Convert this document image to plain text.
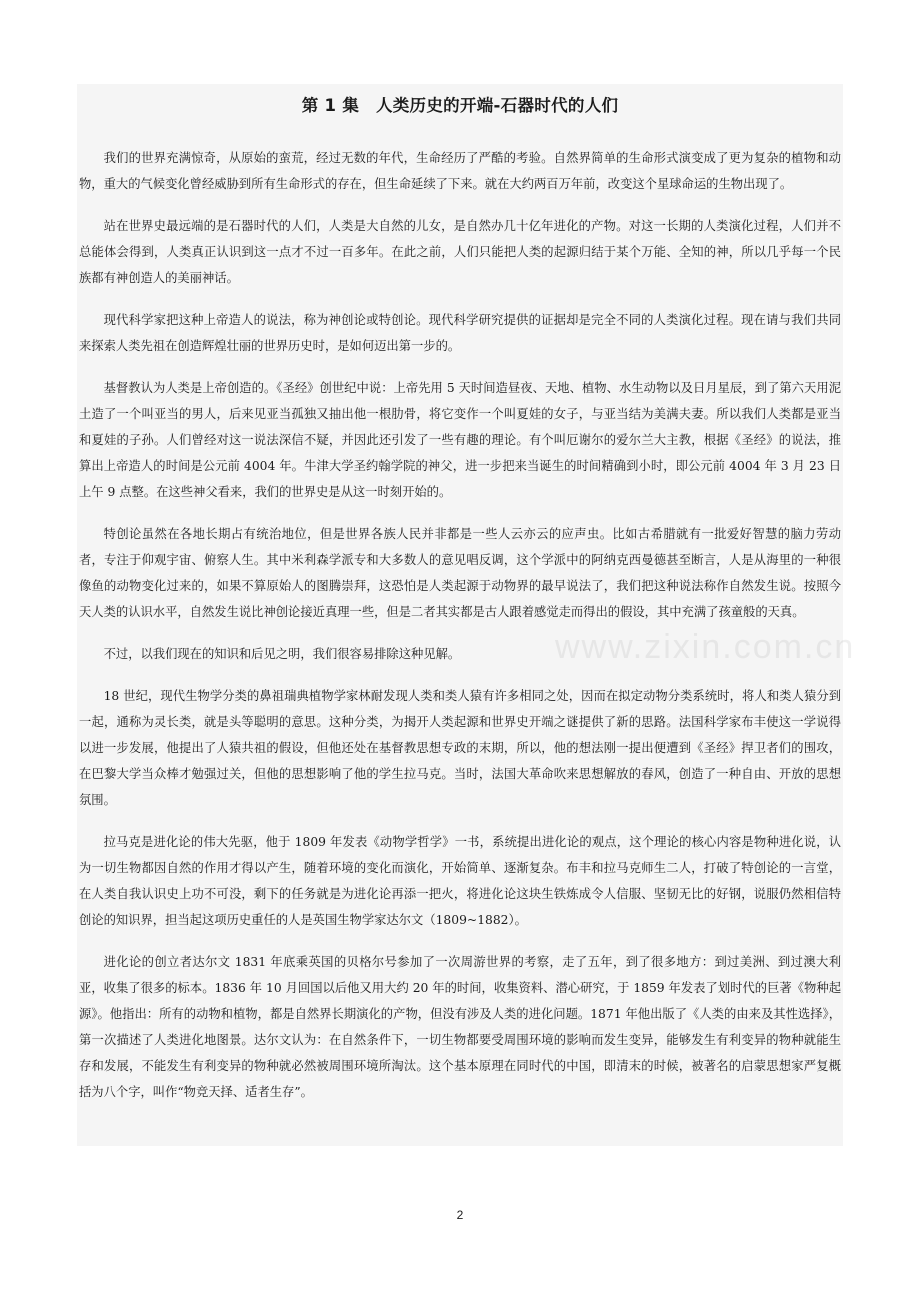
第 1 集　人类历史的开端-石器时代的人们

我们的世界充满惊奇，从原始的蛮荒，经过无数的年代，生命经历了严酷的考验。自然界简单的生命形式演变成了更为复杂的植物和动物，重大的气候变化曾经威胁到所有生命形式的存在，但生命延续了下来。就在大约两百万年前，改变这个星球命运的生物出现了。

站在世界史最远端的是石器时代的人们，人类是大自然的儿女，是自然办几十亿年进化的产物。对这一长期的人类演化过程，人们并不总能体会得到，人类真正认识到这一点才不过一百多年。在此之前，人们只能把人类的起源归结于某个万能、全知的神，所以几乎每一个民族都有神创造人的美丽神话。

现代科学家把这种上帝造人的说法，称为神创论或特创论。现代科学研究提供的证据却是完全不同的人类演化过程。现在请与我们共同来探索人类先祖在创造辉煌壮丽的世界历史时，是如何迈出第一步的。

基督教认为人类是上帝创造的。《圣经》创世纪中说：上帝先用 5 天时间造昼夜、天地、植物、水生动物以及日月星辰，到了第六天用泥土造了一个叫亚当的男人，后来见亚当孤独又抽出他一根肋骨，将它变作一个叫夏娃的女子，与亚当结为美满夫妻。所以我们人类都是亚当和夏娃的子孙。人们曾经对这一说法深信不疑，并因此还引发了一些有趣的理论。有个叫厄谢尔的爱尔兰大主教，根据《圣经》的说法，推算出上帝造人的时间是公元前 4004 年。牛津大学圣约翰学院的神父，进一步把来当诞生的时间精确到小时，即公元前 4004 年 3 月 23 日上午 9 点整。在这些神父看来，我们的世界史是从这一时刻开始的。

特创论虽然在各地长期占有统治地位，但是世界各族人民并非都是一些人云亦云的应声虫。比如古希腊就有一批爱好智慧的脑力劳动者，专注于仰观宇宙、俯察人生。其中米利森学派专和大多数人的意见唱反调，这个学派中的阿纳克西曼德甚至断言，人是从海里的一种很像鱼的动物变化过来的，如果不算原始人的图腾崇拜，这恐怕是人类起源于动物界的最早说法了，我们把这种说法称作自然发生说。按照今天人类的认识水平，自然发生说比神创论接近真理一些，但是二者其实都是古人跟着感觉走而得出的假设，其中充满了孩童般的天真。

不过，以我们现在的知识和后见之明，我们很容易排除这种见解。

18 世纪，现代生物学分类的鼻祖瑞典植物学家林耐发现人类和类人猿有许多相同之处，因而在拟定动物分类系统时，将人和类人猿分到一起，通称为灵长类，就是头等聪明的意思。这种分类，为揭开人类起源和世界史开端之谜提供了新的思路。法国科学家布丰使这一学说得以进一步发展，他提出了人猿共祖的假设，但他还处在基督教思想专政的末期，所以，他的想法刚一提出便遭到《圣经》捍卫者们的围攻，在巴黎大学当众棒才勉强过关，但他的思想影响了他的学生拉马克。当时，法国大革命吹来思想解放的春风，创造了一种自由、开放的思想氛围。

拉马克是进化论的伟大先驱，他于 1809 年发表《动物学哲学》一书，系统提出进化论的观点，这个理论的核心内容是物种进化说，认为一切生物都因自然的作用才得以产生，随着环境的变化而演化，开始简单、逐渐复杂。布丰和拉马克师生二人，打破了特创论的一言堂，在人类自我认识史上功不可没，剩下的任务就是为进化论再添一把火，将进化论这块生铁炼成令人信服、坚韧无比的好钢，说服仍然相信特创论的知识界，担当起这项历史重任的人是英国生物学家达尔文（1809~1882）。

进化论的创立者达尔文 1831 年底乘英国的贝格尔号参加了一次周游世界的考察，走了五年，到了很多地方：到过美洲、到过澳大利亚，收集了很多的标本。1836 年 10 月回国以后他又用大约 20 年的时间，收集资料、潜心研究，于 1859 年发表了划时代的巨著《物种起源》。他指出：所有的动物和植物，都是自然界长期演化的产物，但没有涉及人类的进化问题。1871 年他出版了《人类的由来及其性选择》，第一次描述了人类进化地图景。达尔文认为：在自然条件下，一切生物都要受周围环境的影响而发生变异，能够发生有利变异的物种就能生存和发展，不能发生有利变异的物种就必然被周围环境所淘汰。这个基本原理在同时代的中国，即清末的时候，被著名的启蒙思想家严复概括为八个字，叫作“物竞天择、适者生存”。

2
